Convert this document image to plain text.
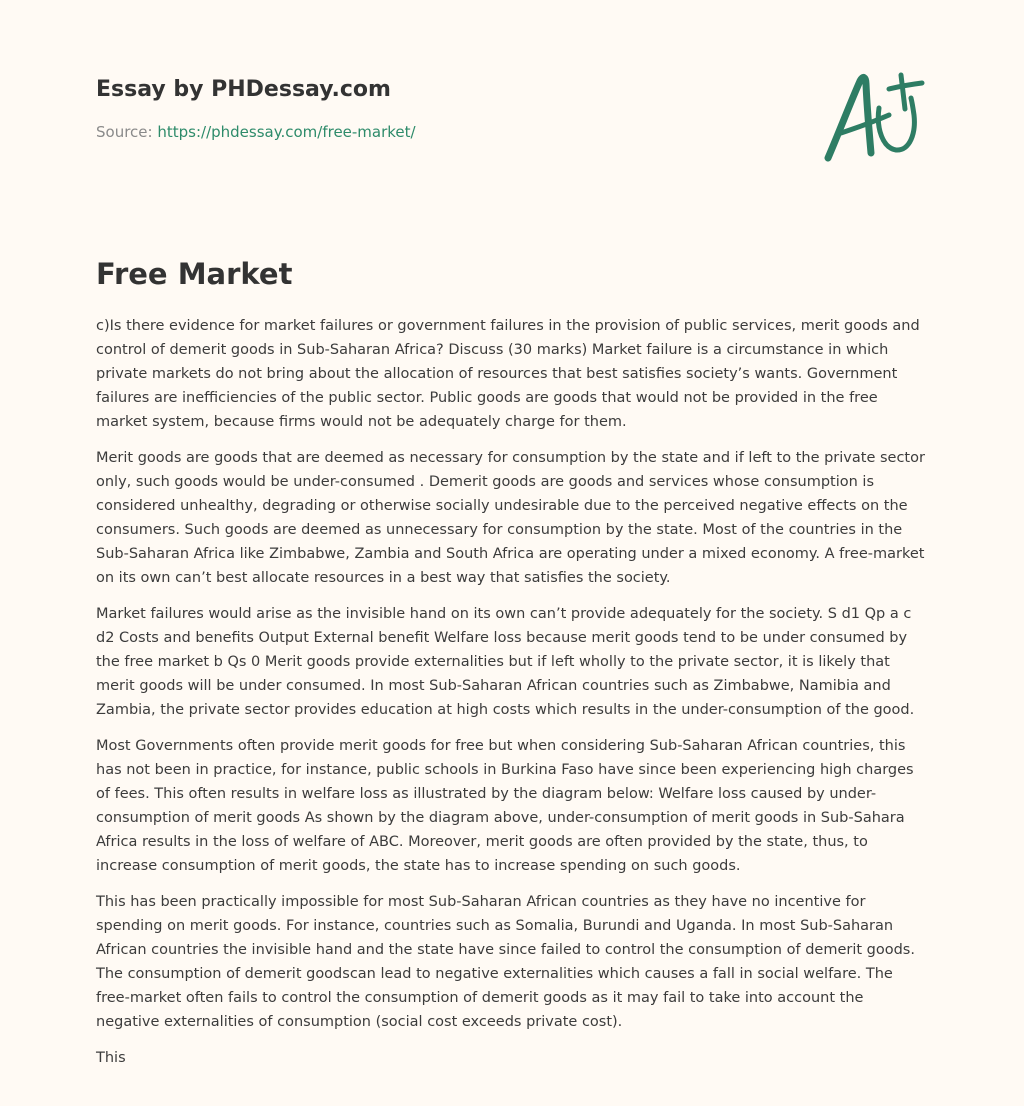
Essay by PHDessay.com
Source: https://phdessay.com/free-market/
Free Market

c)Is there evidence for market failures or government failures in the provision of public services, merit goods and control of demerit goods in Sub-Saharan Africa? Discuss (30 marks) Market failure is a circumstance in which private markets do not bring about the allocation of resources that best satisfies society’s wants. Government failures are inefficiencies of the public sector. Public goods are goods that would not be provided in the free market system, because firms would not be adequately charge for them.

Merit goods are goods that are deemed as necessary for consumption by the state and if left to the private sector only, such goods would be under-consumed . Demerit goods are goods and services whose consumption is considered unhealthy, degrading or otherwise socially undesirable due to the perceived negative effects on the consumers. Such goods are deemed as unnecessary for consumption by the state. Most of the countries in the Sub-Saharan Africa like Zimbabwe, Zambia and South Africa are operating under a mixed economy. A free-market on its own can’t best allocate resources in a best way that satisfies the society.

Market failures would arise as the invisible hand on its own can’t provide adequately for the society. S d1 Qp a c d2 Costs and benefits Output External benefit Welfare loss because merit goods tend to be under consumed by the free market b Qs 0 Merit goods provide externalities but if left wholly to the private sector, it is likely that merit goods will be under consumed. In most Sub-Saharan African countries such as Zimbabwe, Namibia and Zambia, the private sector provides education at high costs which results in the under-consumption of the good.

Most Governments often provide merit goods for free but when considering Sub-Saharan African countries, this has not been in practice, for instance, public schools in Burkina Faso have since been experiencing high charges of fees. This often results in welfare loss as illustrated by the diagram below: Welfare loss caused by under-consumption of merit goods As shown by the diagram above, under-consumption of merit goods in Sub-Sahara Africa results in the loss of welfare of ABC. Moreover, merit goods are often provided by the state, thus, to increase consumption of merit goods, the state has to increase spending on such goods.

This has been practically impossible for most Sub-Saharan African countries as they have no incentive for spending on merit goods. For instance, countries such as Somalia, Burundi and Uganda. In most Sub-Saharan African countries the invisible hand and the state have since failed to control the consumption of demerit goods. The consumption of demerit goodscan lead to negative externalities which causes a fall in social welfare. The free-market often fails to control the consumption of demerit goods as it may fail to take into account the negative externalities of consumption (social cost exceeds private cost).

This
